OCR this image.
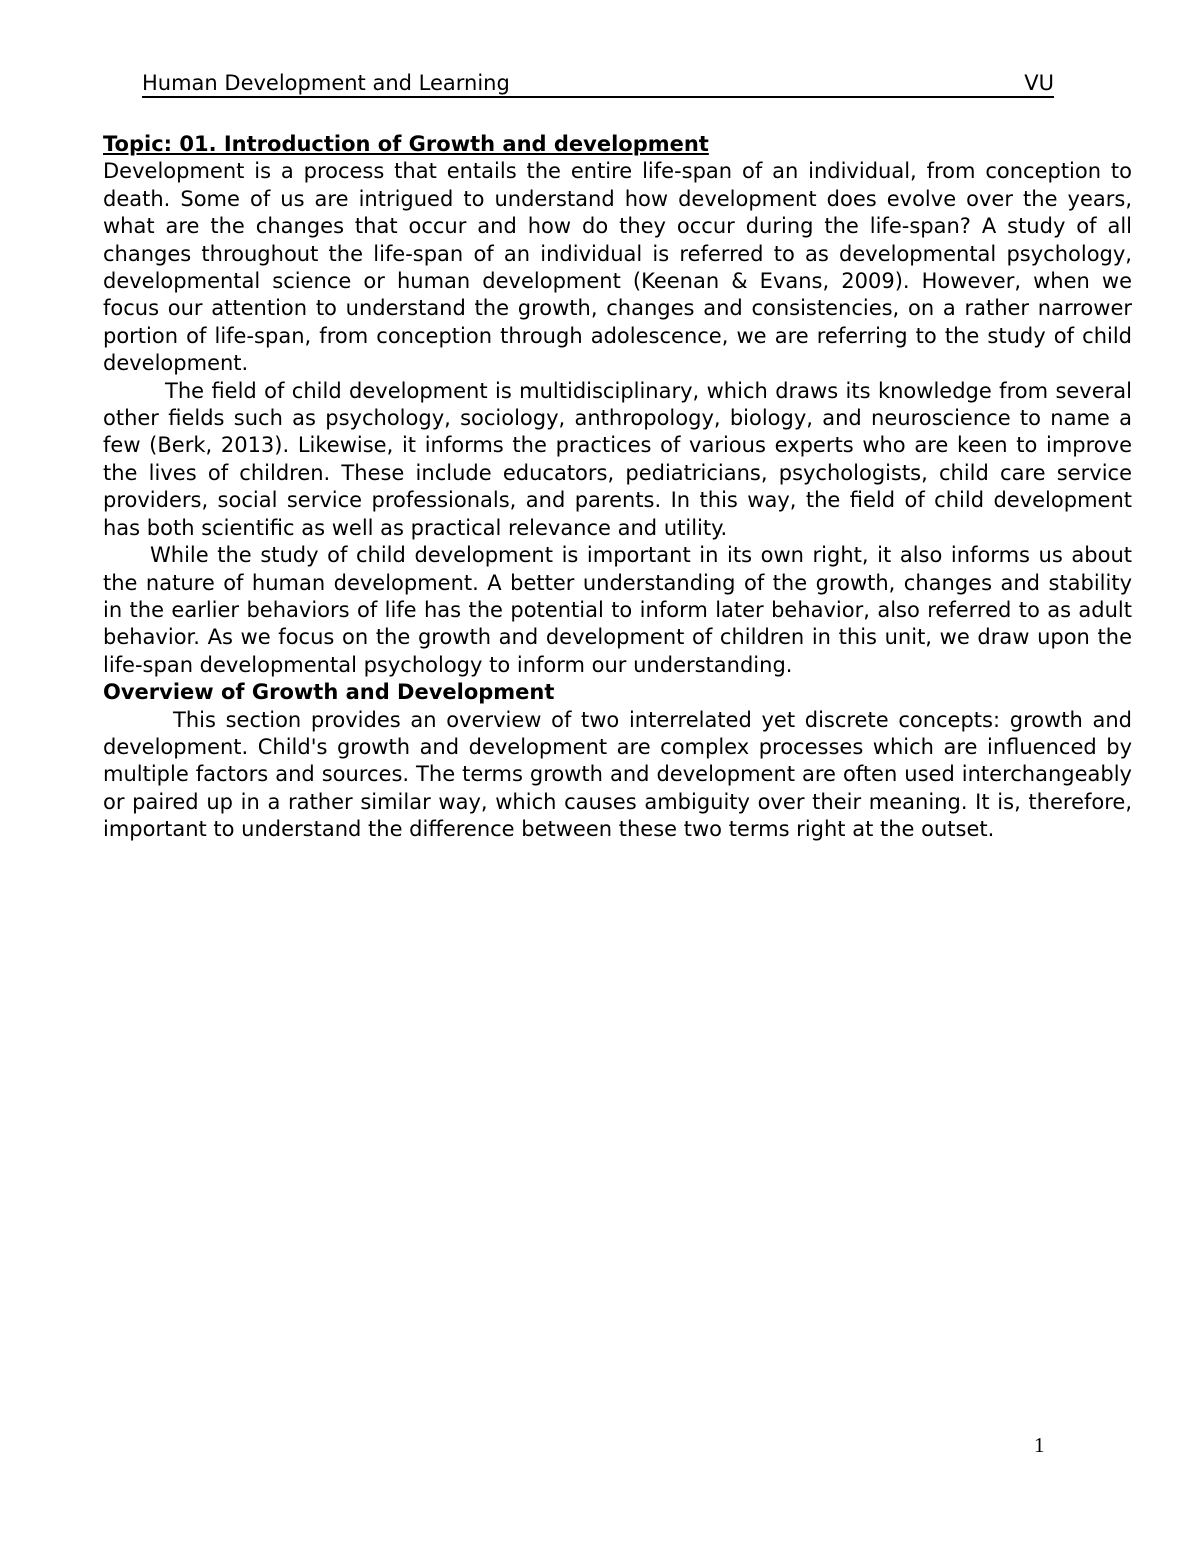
Human Development and Learning	VU
Topic: 01. Introduction of Growth and development

Development is a process that entails the entire life-span of an individual, from conception to death. Some of us are intrigued to understand how development does evolve over the years, what are the changes that occur and how do they occur during the life-span? A study of all changes throughout the life-span of an individual is referred to as developmental psychology, developmental science or human development (Keenan & Evans, 2009). However, when we focus our attention to understand the growth, changes and consistencies, on a rather narrower portion of life-span, from conception through adolescence, we are referring to the study of child development.

The field of child development is multidisciplinary, which draws its knowledge from several other fields such as psychology, sociology, anthropology, biology, and neuroscience to name a few (Berk, 2013). Likewise, it informs the practices of various experts who are keen to improve the lives of children. These include educators, pediatricians, psychologists, child care service providers, social service professionals, and parents. In this way, the field of child development has both scientific as well as practical relevance and utility.

While the study of child development is important in its own right, it also informs us about the nature of human development. A better understanding of the growth, changes and stability in the earlier behaviors of life has the potential to inform later behavior, also referred to as adult behavior. As we focus on the growth and development of children in this unit, we draw upon the life-span developmental psychology to inform our understanding.

Overview of Growth and Development

This section provides an overview of two interrelated yet discrete concepts: growth and development. Child's growth and development are complex processes which are influenced by multiple factors and sources. The terms growth and development are often used interchangeably or paired up in a rather similar way, which causes ambiguity over their meaning. It is, therefore, important to understand the difference between these two terms right at the outset.

1
